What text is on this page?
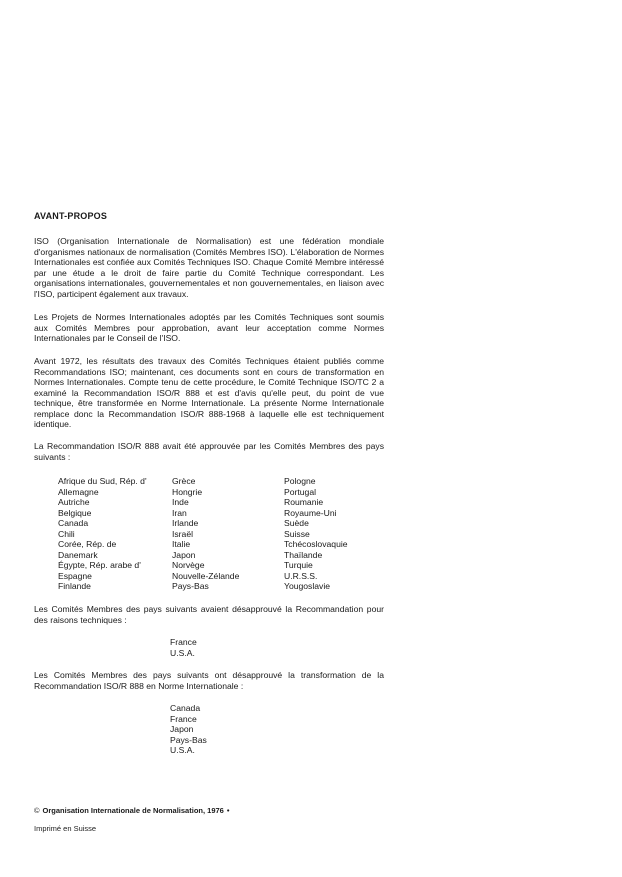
AVANT-PROPOS
ISO (Organisation Internationale de Normalisation) est une fédération mondiale d'organismes nationaux de normalisation (Comités Membres ISO). L'élaboration de Normes Internationales est confiée aux Comités Techniques ISO. Chaque Comité Membre intéressé par une étude a le droit de faire partie du Comité Technique correspondant. Les organisations internationales, gouvernementales et non gouvernementales, en liaison avec l'ISO, participent également aux travaux.
Les Projets de Normes Internationales adoptés par les Comités Techniques sont soumis aux Comités Membres pour approbation, avant leur acceptation comme Normes Internationales par le Conseil de l'ISO.
Avant 1972, les résultats des travaux des Comités Techniques étaient publiés comme Recommandations ISO; maintenant, ces documents sont en cours de transformation en Normes Internationales. Compte tenu de cette procédure, le Comité Technique ISO/TC 2 a examiné la Recommandation ISO/R 888 et est d'avis qu'elle peut, du point de vue technique, être transformée en Norme Internationale. La présente Norme Internationale remplace donc la Recommandation ISO/R 888-1968 à laquelle elle est techniquement identique.
La Recommandation ISO/R 888 avait été approuvée par les Comités Membres des pays suivants :
Afrique du Sud, Rép. d'
Allemagne
Autriche
Belgique
Canada
Chili
Corée, Rép. de
Danemark
Égypte, Rép. arabe d'
Espagne
Finlande
Grèce
Hongrie
Inde
Iran
Irlande
Israël
Italie
Japon
Norvège
Nouvelle-Zélande
Pays-Bas
Pologne
Portugal
Roumanie
Royaume-Uni
Suède
Suisse
Tchécoslovaquie
Thaïlande
Turquie
U.R.S.S.
Yougoslavie
Les Comités Membres des pays suivants avaient désapprouvé la Recommandation pour des raisons techniques :
France
U.S.A.
Les Comités Membres des pays suivants ont désapprouvé la transformation de la Recommandation ISO/R 888 en Norme Internationale :
Canada
France
Japon
Pays-Bas
U.S.A.
© Organisation Internationale de Normalisation, 1976 •
Imprimé en Suisse
